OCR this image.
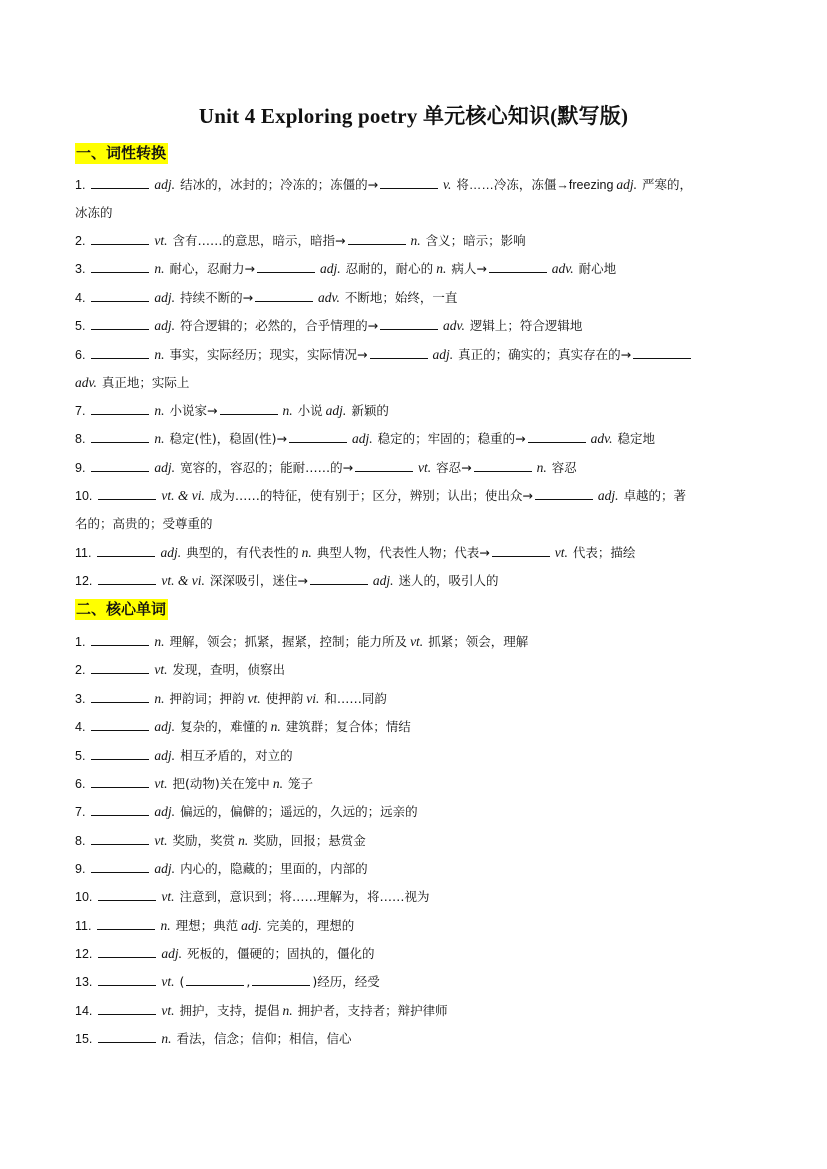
Unit 4 Exploring poetry 单元核心知识(默写版)
一、词性转换
1.	adj. 结冰的，冰封的；冷冻的；冻僵的→	v. 将……冷冻，冻僵→freezing adj. 严寒的，
冰冻的
2.	vt. 含有……的意思，暗示，暗指→	n. 含义；暗示；影响
3.	n. 耐心，忍耐力→	adj. 忍耐的，耐心的 n. 病人→	adv. 耐心地
4.	adj. 持续不断的→	adv. 不断地；始终，一直
5.	adj. 符合逻辑的；必然的，合乎情理的→	adv. 逻辑上；符合逻辑地
6.	n. 事实，实际经历；现实，实际情况→	adj. 真正的；确实的；真实存在的→
adv. 真正地；实际上
7.	n. 小说家→	n. 小说 adj. 新颖的
8.	n. 稳定(性)，稳固(性)→	adj. 稳定的；牢固的；稳重的→	adv. 稳定地
9.	adj. 宽容的，容忍的；能耐……的→	vt. 容忍→	n. 容忍
10.	vt. & vi. 成为……的特征，使有别于；区分，辨别；认出；使出众→	adj. 卓越的；著
名的；高贵的；受尊重的
11.	adj. 典型的，有代表性的 n. 典型人物，代表性人物；代表→	vt. 代表；描绘
12.	vt. & vi. 深深吸引，迷住→	adj. 迷人的，吸引人的
二、核心单词
1.	n. 理解，领会；抓紧，握紧，控制；能力所及 vt. 抓紧；领会，理解
2.	vt. 发现，查明，侦察出
3.	n. 押韵词；押韵 vt. 使押韵 vi. 和……同韵
4.	adj. 复杂的，难懂的 n. 建筑群；复合体；情结
5.	adj. 相互矛盾的，对立的
6.	vt. 把(动物)关在笼中 n. 笼子
7.	adj. 偏远的，偏僻的；遥远的，久远的；远亲的
8.	vt. 奖励，奖赏 n. 奖励，回报；悬赏金
9.	adj. 内心的，隐藏的；里面的，内部的
10.	vt. 注意到，意识到；将……理解为，将……视为
11.	n. 理想；典范 adj. 完美的，理想的
12.	adj. 死板的，僵硬的；固执的，僵化的
13.	vt. (	,	)经历，经受
14.	vt. 拥护，支持，提倡 n. 拥护者，支持者；辩护律师
15.	n. 看法，信念；信仰；相信，信心
